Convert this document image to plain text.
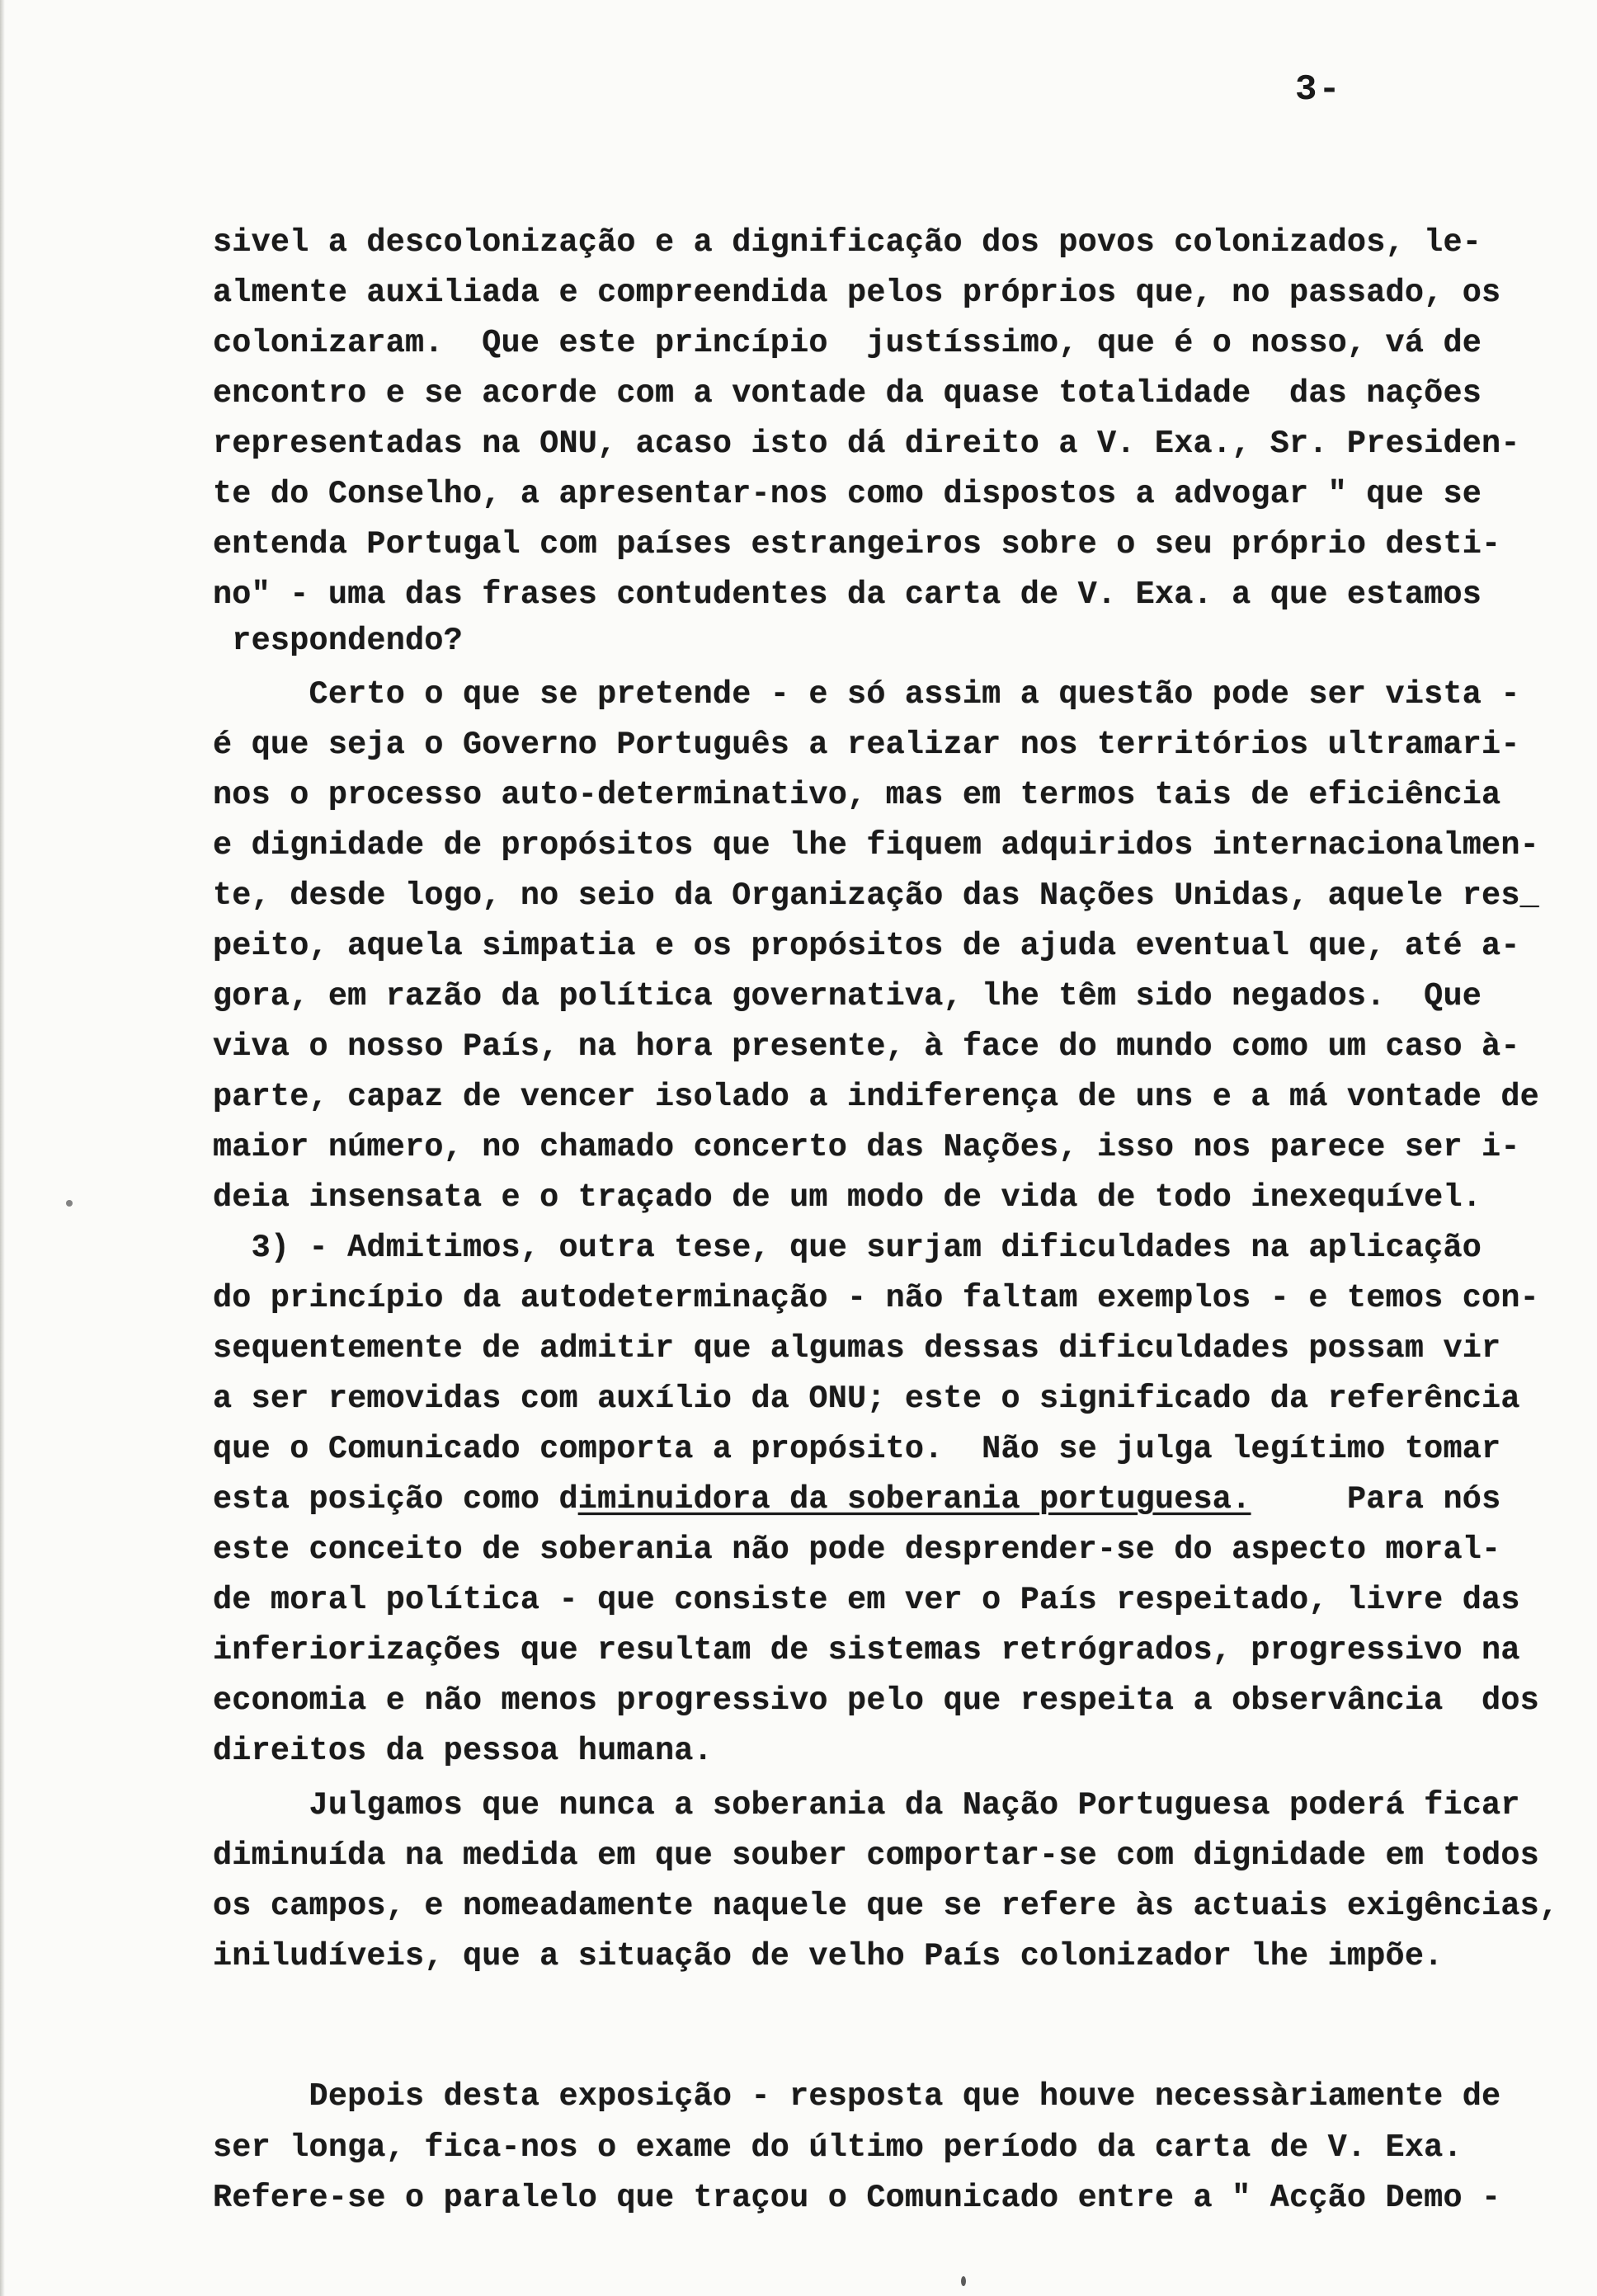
3-
sivel a descolonização e a dignificação dos povos colonizados, le-
almente auxiliada e compreendida pelos próprios que, no passado, os
colonizaram.  Que este princípio  justíssimo, que é o nosso, vá de
encontro e se acorde com a vontade da quase totalidade  das nações
representadas na ONU, acaso isto dá direito a V. Exa., Sr. Presiden-
te do Conselho, a apresentar-nos como dispostos a advogar " que se
entenda Portugal com países estrangeiros sobre o seu próprio desti-
no" - uma das frases contudentes da carta de V. Exa. a que estamos
respondendo?
Certo o que se pretende - e só assim a questão pode ser vista -
é que seja o Governo Português a realizar nos territórios ultramari-
nos o processo auto-determinativo, mas em termos tais de eficiência
e dignidade de propósitos que lhe fiquem adquiridos internacionalmen-
te, desde logo, no seio da Organização das Nações Unidas, aquele res_
peito, aquela simpatia e os propósitos de ajuda eventual que, até a-
gora, em razão da política governativa, lhe têm sido negados.  Que
viva o nosso País, na hora presente, à face do mundo como um caso à-
parte, capaz de vencer isolado a indiferença de uns e a má vontade de
maior número, no chamado concerto das Nações, isso nos parece ser i-
deia insensata e o traçado de um modo de vida de todo inexequível.
3) - Admitimos, outra tese, que surjam dificuldades na aplicação
do princípio da autodeterminação - não faltam exemplos - e temos con-
sequentemente de admitir que algumas dessas dificuldades possam vir
a ser removidas com auxílio da ONU; este o significado da referência
que o Comunicado comporta a propósito.  Não se julga legítimo tomar
esta posição como diminuidora da soberania portuguesa.     Para nós
este conceito de soberania não pode desprender-se do aspecto moral-
de moral política - que consiste em ver o País respeitado, livre das
inferiorizações que resultam de sistemas retrógrados, progressivo na
economia e não menos progressivo pelo que respeita a observância  dos
direitos da pessoa humana.
Julgamos que nunca a soberania da Nação Portuguesa poderá ficar
diminuída na medida em que souber comportar-se com dignidade em todos
os campos, e nomeadamente naquele que se refere às actuais exigências,
iniludíveis, que a situação de velho País colonizador lhe impõe.
Depois desta exposição - resposta que houve necessàriamente de
ser longa, fica-nos o exame do último período da carta de V. Exa.
Refere-se o paralelo que traçou o Comunicado entre a " Acção Demo -
